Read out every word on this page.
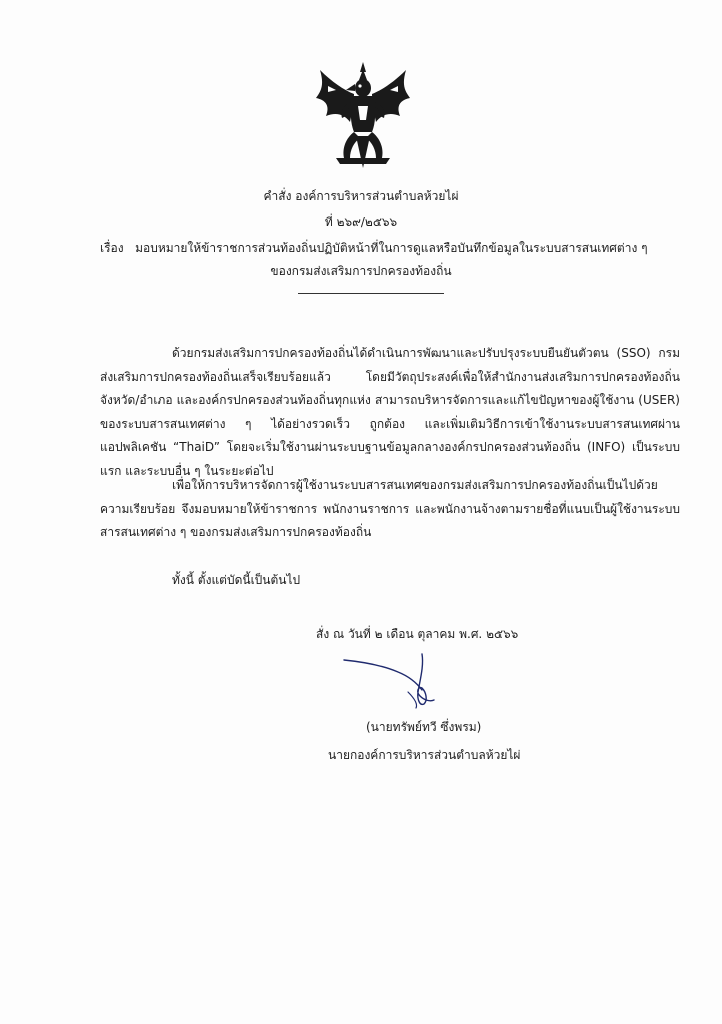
คำสั่ง องค์การบริหารส่วนตำบลห้วยไผ่
ที่ ๒๖๙/๒๕๖๖
เรื่อง มอบหมายให้ข้าราชการส่วนท้องถิ่นปฏิบัติหน้าที่ในการดูแลหรือบันทึกข้อมูลในระบบสารสนเทศต่าง ๆ
ของกรมส่งเสริมการปกครองท้องถิ่น
ด้วยกรมส่งเสริมการปกครองท้องถิ่นได้ดำเนินการพัฒนาและปรับปรุงระบบยืนยันตัวตน (SSO) กรมส่งเสริมการปกครองท้องถิ่นเสร็จเรียบร้อยแล้ว โดยมีวัตถุประสงค์เพื่อให้สำนักงานส่งเสริมการปกครองท้องถิ่นจังหวัด/อำเภอ และองค์กรปกครองส่วนท้องถิ่นทุกแห่ง สามารถบริหารจัดการและแก้ไขปัญหาของผู้ใช้งาน (USER) ของระบบสารสนเทศต่าง ๆ ได้อย่างรวดเร็ว ถูกต้อง และเพิ่มเติมวิธีการเข้าใช้งานระบบสารสนเทศผ่านแอปพลิเคชัน “ThaiD” โดยจะเริ่มใช้งานผ่านระบบฐานข้อมูลกลางองค์กรปกครองส่วนท้องถิ่น (INFO) เป็นระบบแรก และระบบอื่น ๆ ในระยะต่อไป
เพื่อให้การบริหารจัดการผู้ใช้งานระบบสารสนเทศของกรมส่งเสริมการปกครองท้องถิ่นเป็นไปด้วยความเรียบร้อย จึงมอบหมายให้ข้าราชการ พนักงานราชการ และพนักงานจ้างตามรายชื่อที่แนบเป็นผู้ใช้งานระบบสารสนเทศต่าง ๆ ของกรมส่งเสริมการปกครองท้องถิ่น
ทั้งนี้ ตั้งแต่บัดนี้เป็นต้นไป
สั่ง ณ วันที่ ๒ เดือน ตุลาคม พ.ศ. ๒๕๖๖
(นายทรัพย์ทวี ซึ่งพรม)
นายกองค์การบริหารส่วนตำบลห้วยไผ่
